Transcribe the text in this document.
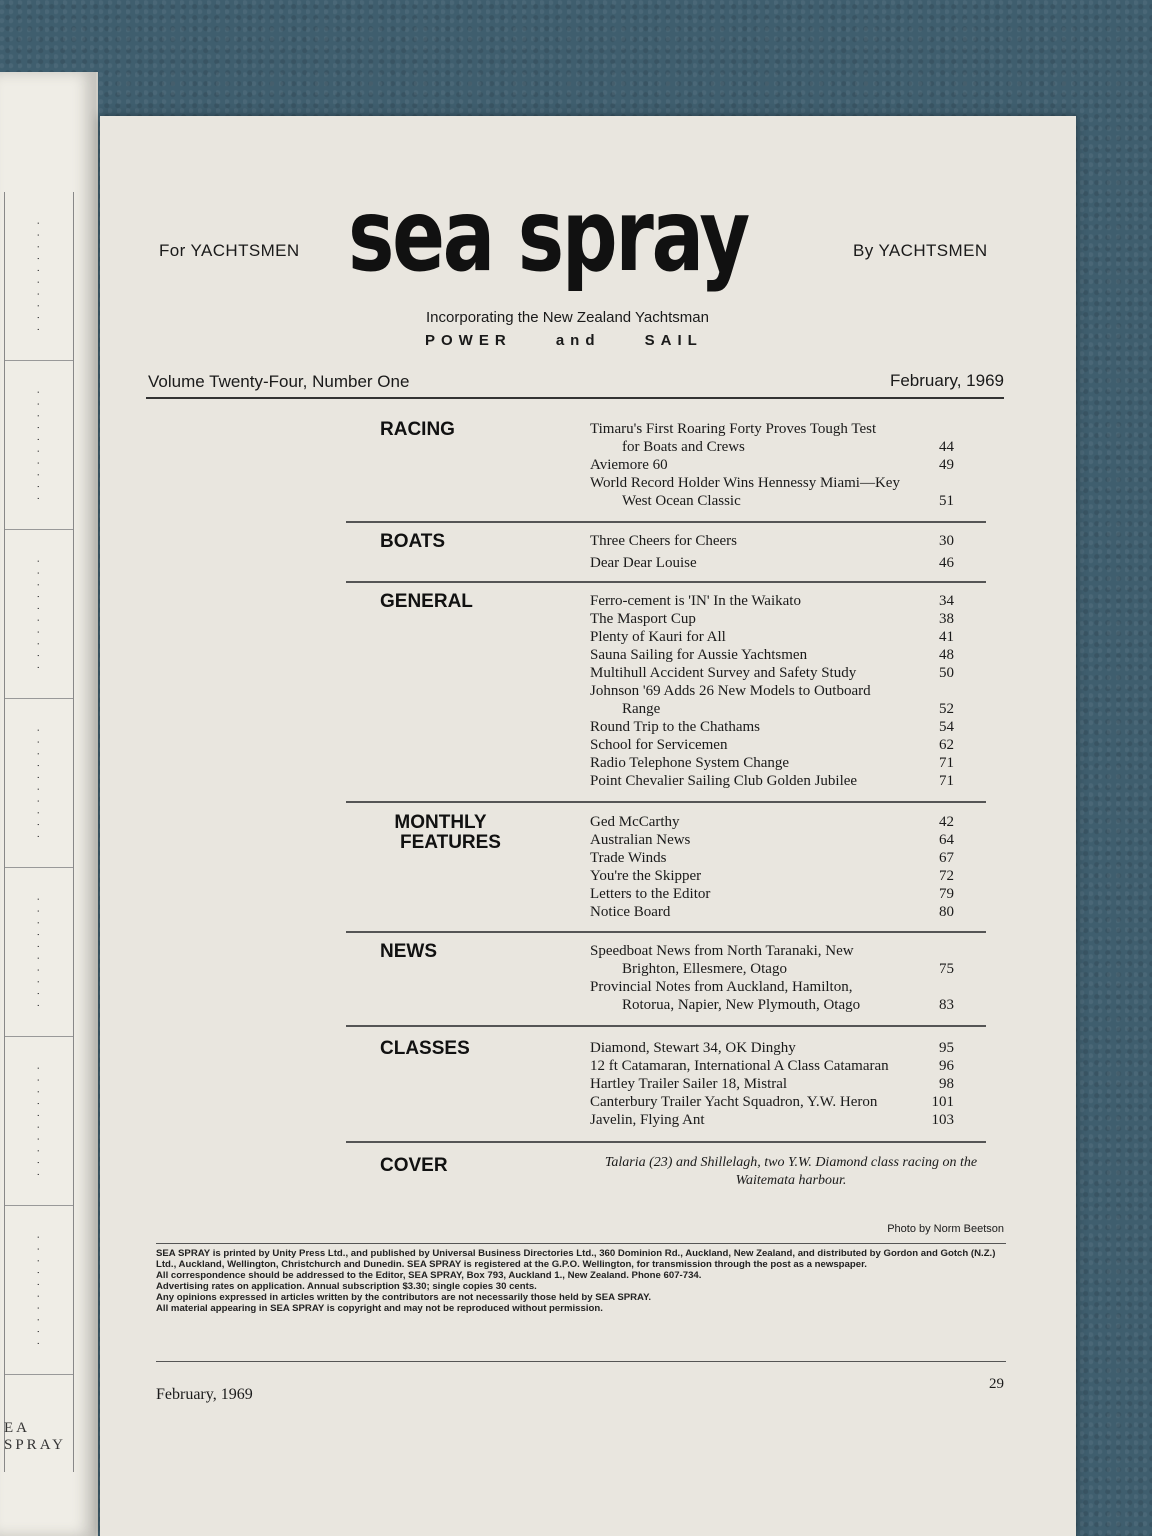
· · · · ·
· · · · ·
· · · · ·
· · · · ·
· · · · ·
· · · · ·
· · · · ·
· · · · ·
· · · · ·
· · · · ·
· · · · ·
· · · · ·
· · · · ·
· · · · ·
EA SPRAY
For YACHTSMEN sea spray	By YACHTSMEN
Incorporating the New Zealand Yachtsman
POWER and SAIL
Volume Twenty-Four, Number One	February, 1969
RACING	Timaru's First Roaring Forty Proves Tough Test
for Boats and Crews	44
Aviemore 60	49
World Record Holder Wins Hennessy Miami—Key
West Ocean Classic	51
BOATS	Three Cheers for Cheers	30
Dear Dear Louise	46
GENERAL	Ferro-cement is 'IN' In the Waikato	34
The Masport Cup	38
Plenty of Kauri for All	41
Sauna Sailing for Aussie Yachtsmen	48
Multihull Accident Survey and Safety Study	50
Johnson '69 Adds 26 New Models to Outboard
Range	52
Round Trip to the Chathams	54
School for Servicemen	62
Radio Telephone System Change	71
Point Chevalier Sailing Club Golden Jubilee	71
MONTHLY
FEATURES
Ged McCarthy	42
Australian News	64
Trade Winds	67
You're the Skipper	72
Letters to the Editor	79
Notice Board	80
NEWS	Speedboat News from North Taranaki, New
Brighton, Ellesmere, Otago	75
Provincial Notes from Auckland, Hamilton,
Rotorua, Napier, New Plymouth, Otago	83
CLASSES	Diamond, Stewart 34, OK Dinghy	95
12 ft Catamaran, International A Class Catamaran	96
Hartley Trailer Sailer 18, Mistral	98
Canterbury Trailer Yacht Squadron, Y.W. Heron	101
Javelin, Flying Ant	103
COVER	Talaria (23) and Shillelagh, two Y.W. Diamond class racing on the Waitemata harbour.
Photo by Norm Beetson

SEA SPRAY is printed by Unity Press Ltd., and published by Universal Business Directories Ltd., 360 Dominion Rd., Auckland, New Zealand, and distributed by Gordon and Gotch (N.Z.) Ltd., Auckland, Wellington, Christchurch and Dunedin. SEA SPRAY is registered at the G.P.O. Wellington, for transmission through the post as a newspaper.

All correspondence should be addressed to the Editor, SEA SPRAY, Box 793, Auckland 1., New Zealand. Phone 607-734.

Advertising rates on application. Annual subscription $3.30; single copies 30 cents.

Any opinions expressed in articles written by the contributors are not necessarily those held by SEA SPRAY.

All material appearing in SEA SPRAY is copyright and may not be reproduced without permission.

February, 1969
29
